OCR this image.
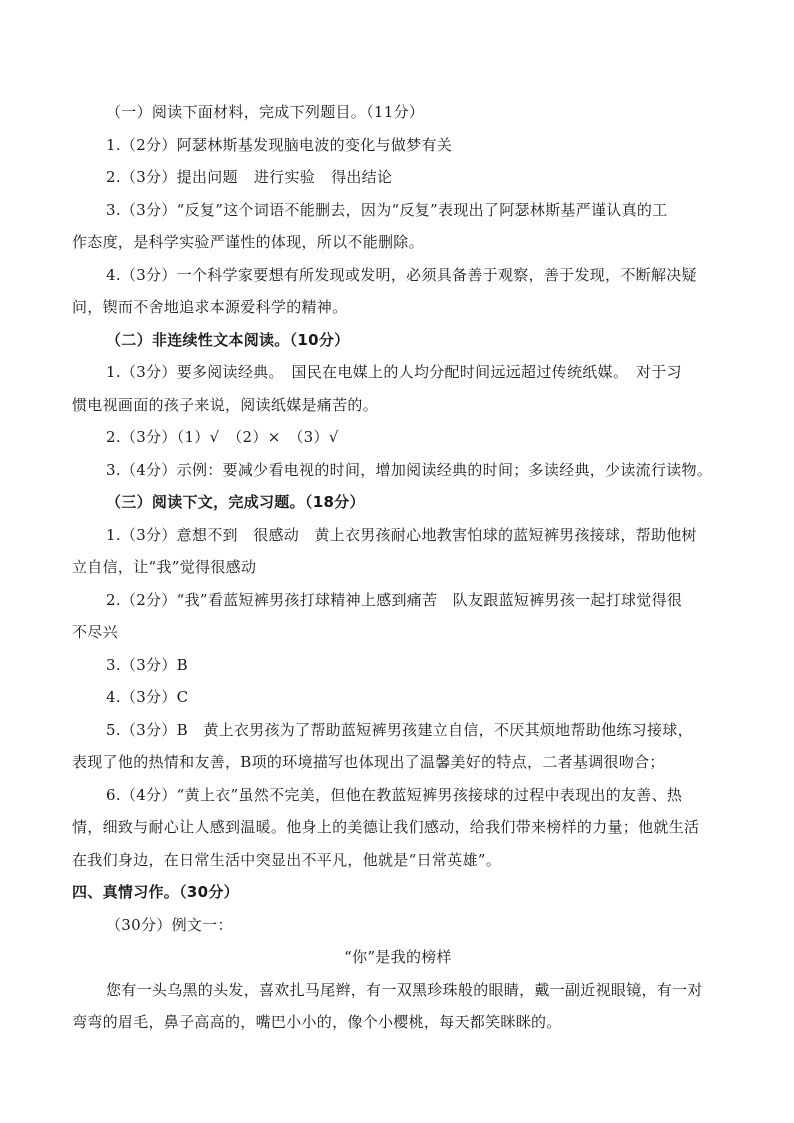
（一）阅读下面材料，完成下列题目。（11分）
1.（2分）阿瑟林斯基发现脑电波的变化与做梦有关
2.（3分）提出问题 进行实验 得出结论
3.（3分）“反复”这个词语不能删去，因为“反复”表现出了阿瑟林斯基严谨认真的工
作态度，是科学实验严谨性的体现，所以不能删除。
4.（3分）一个科学家要想有所发现或发明，必须具备善于观察，善于发现，不断解决疑
问，锲而不舍地追求本源爱科学的精神。
（二）非连续性文本阅读。（10分）
1.（3分）要多阅读经典。　国民在电媒上的人均分配时间远远超过传统纸媒。　对于习
惯电视画面的孩子来说，阅读纸媒是痛苦的。
2.（3分）（1）√　（2）×　（3）√
3.（4分）示例：要减少看电视的时间，增加阅读经典的时间；多读经典，少读流行读物。
（三）阅读下文，完成习题。（18分）
1.（3分）意想不到　很感动　黄上衣男孩耐心地教害怕球的蓝短裤男孩接球，帮助他树
立自信，让“我”觉得很感动
2.（2分）“我”看蓝短裤男孩打球精神上感到痛苦　队友跟蓝短裤男孩一起打球觉得很
不尽兴
3.（3分）B
4.（3分）C
5.（3分）B　黄上衣男孩为了帮助蓝短裤男孩建立自信，不厌其烦地帮助他练习接球，
表现了他的热情和友善，B项的环境描写也体现出了温馨美好的特点，二者基调很吻合；
6.（4分）“黄上衣”虽然不完美，但他在教蓝短裤男孩接球的过程中表现出的友善、热
情，细致与耐心让人感到温暖。他身上的美德让我们感动，给我们带来榜样的力量；他就生活
在我们身边，在日常生活中突显出不平凡，他就是“日常英雄”。
四、真情习作。（30分）
（30分）例文一：
“你”是我的榜样
您有一头乌黑的头发，喜欢扎马尾辫，有一双黑珍珠般的眼睛，戴一副近视眼镜，有一对
弯弯的眉毛，鼻子高高的，嘴巴小小的，像个小樱桃，每天都笑眯眯的。
